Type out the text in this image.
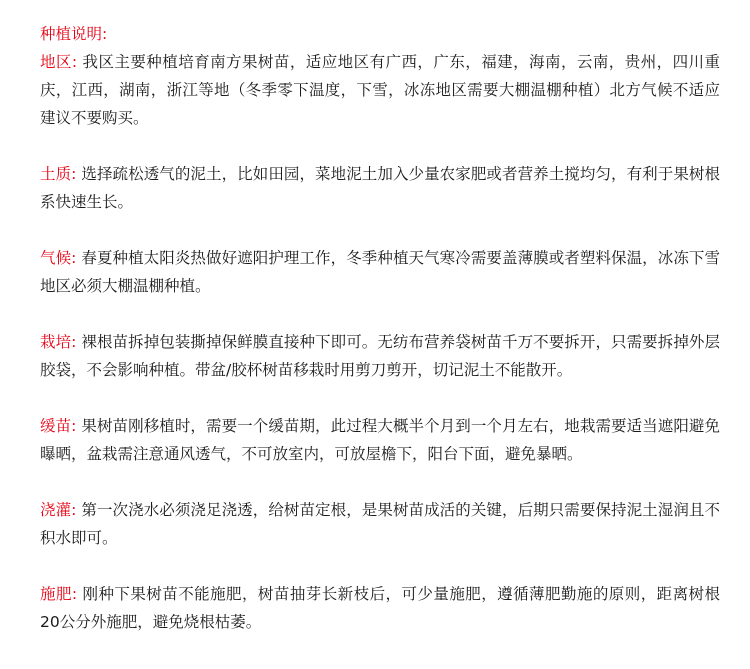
种植说明:

地区: 我区主要种植培育南方果树苗，适应地区有广西，广东，福建，海南，云南，贵州，四川重庆，江西，湖南，浙江等地（冬季零下温度，下雪，冰冻地区需要大棚温棚种植）北方气候不适应建议不要购买。

土质: 选择疏松透气的泥土，比如田园，菜地泥土加入少量农家肥或者营养土搅均匀，有利于果树根系快速生长。

气候: 春夏种植太阳炎热做好遮阳护理工作，冬季种植天气寒冷需要盖薄膜或者塑料保温，冰冻下雪地区必须大棚温棚种植。

栽培: 裸根苗拆掉包装撕掉保鲜膜直接种下即可。无纺布营养袋树苗千万不要拆开，只需要拆掉外层胶袋，不会影响种植。带盆/胶杯树苗移栽时用剪刀剪开，切记泥土不能散开。

缓苗: 果树苗刚移植时，需要一个缓苗期，此过程大概半个月到一个月左右，地栽需要适当遮阳避免曝晒，盆栽需注意通风透气，不可放室内，可放屋檐下，阳台下面，避免暴晒。

浇灌: 第一次浇水必须浇足浇透，给树苗定根，是果树苗成活的关键，后期只需要保持泥土湿润且不积水即可。

施肥: 刚种下果树苗不能施肥，树苗抽芽长新枝后，可少量施肥，遵循薄肥勤施的原则，距离树根20公分外施肥，避免烧根枯萎。
